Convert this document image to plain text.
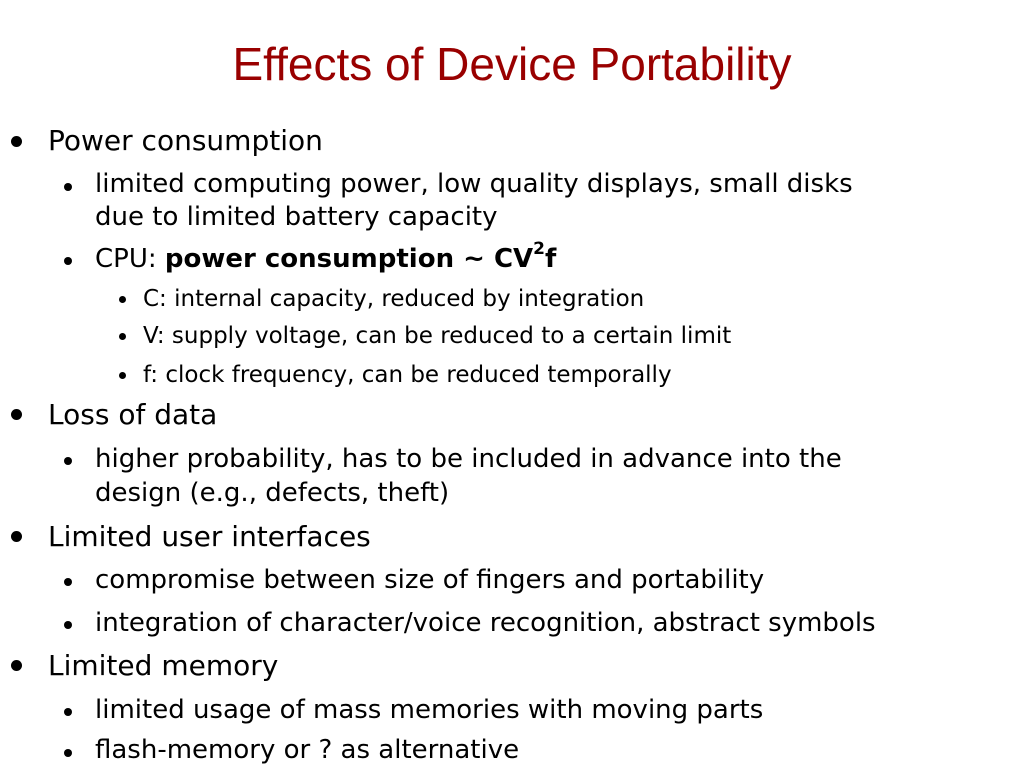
Effects of Device Portability
Power consumption
limited computing power, low quality displays, small disks
due to limited battery capacity
CPU: power consumption ~ $CV^2f$
C: internal capacity, reduced by integration
V: supply voltage, can be reduced to a certain limit
f: clock frequency, can be reduced temporally
Loss of data
higher probability, has to be included in advance into the
design (e.g., defects, theft)
Limited user interfaces
compromise between size of fingers and portability
integration of character/voice recognition, abstract symbols
Limited memory
limited usage of mass memories with moving parts
flash-memory or ? as alternative
